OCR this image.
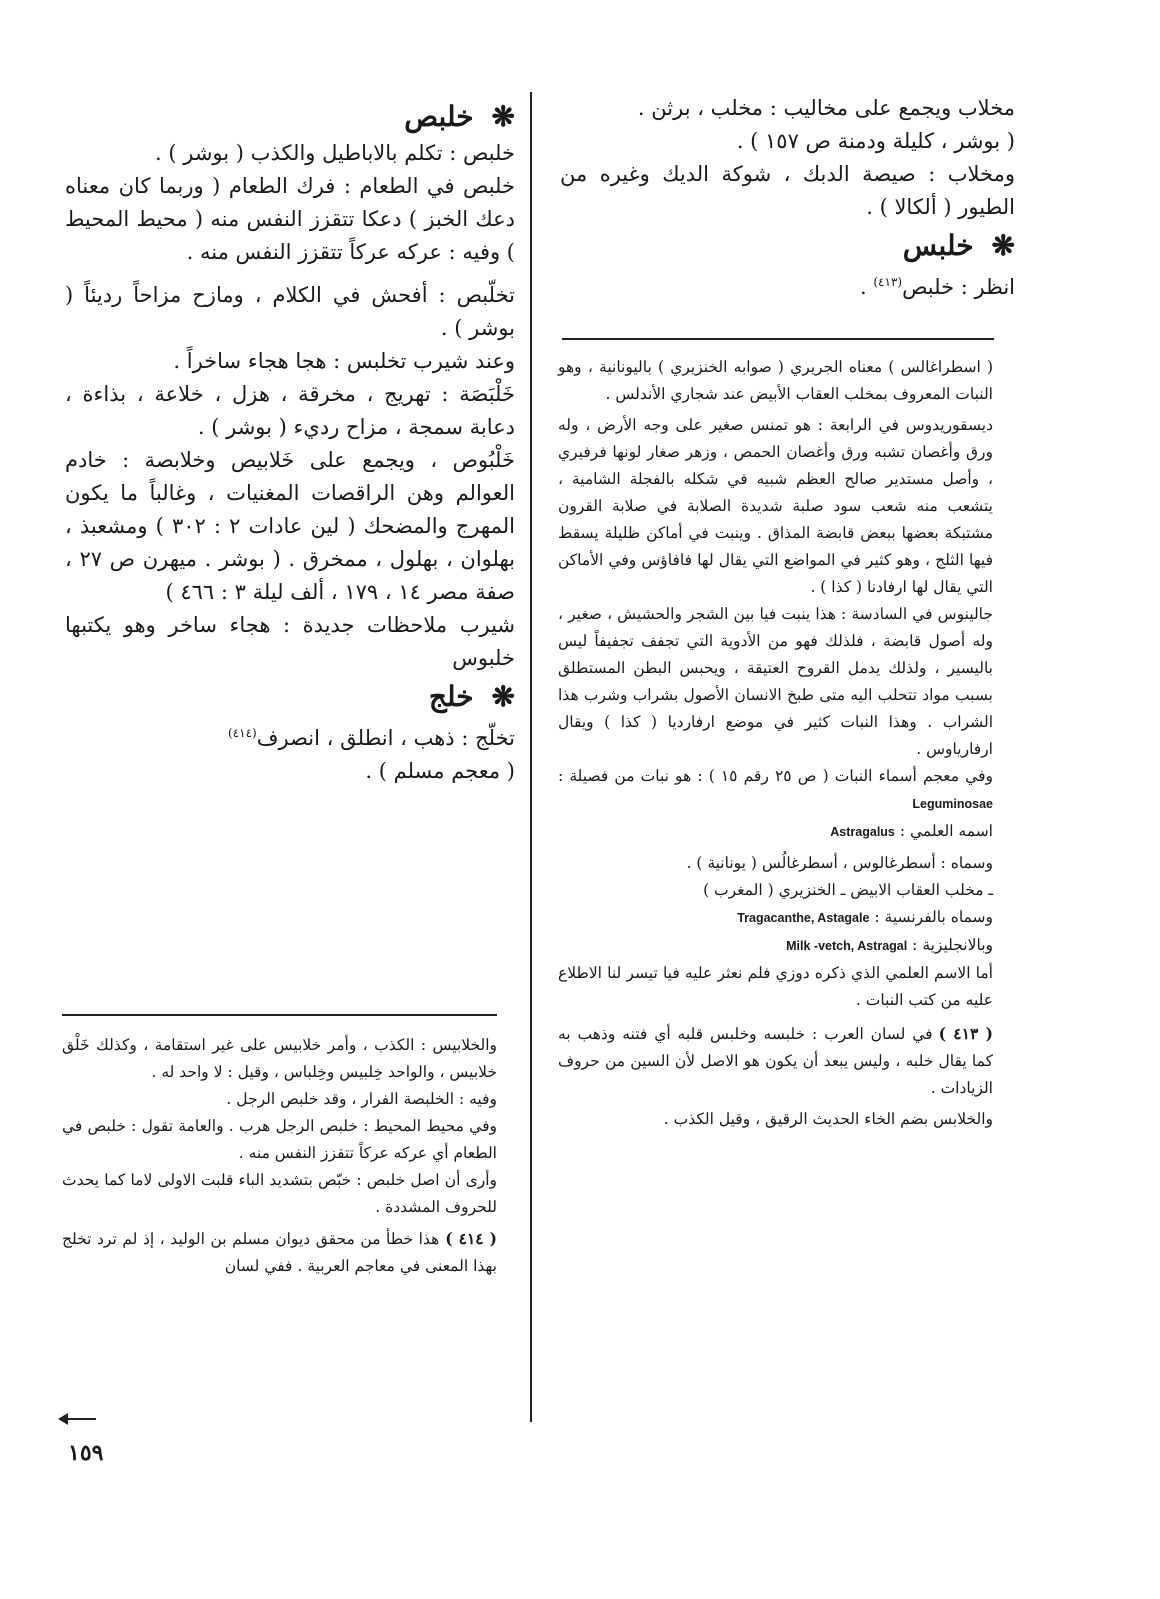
مخلاب ويجمع على مخاليب : مخلب ، برثن .

( بوشر ، كليلة ودمنة ص ١٥٧ ) .

ومخلاب : صيصة الدبك ، شوكة الديك وغيره من الطيور ( ألكالا ) .

❋خلبس

انظر : خلبص$^{(٤١٣)}$ .

( اسطراغالس ) معناه الجريري ( صوابه الخنزيري ) باليونانية ، وهو النبات المعروف بمخلب العقاب الأبيض عند شجاري الأندلس .

ديسقوريدوس في الرابعة : هو تمنس صغير على وجه الأرض ، وله ورق وأغصان تشبه ورق وأغصان الحمص ، وزهر صغار لونها فرفيري ، وأصل مستدير صالح العظم شبيه في شكله بالفجلة الشامية ، يتشعب منه شعب سود صلبة شديدة الصلابة في صلابة القرون مشتبكة بعضها ببعض قابضة المذاق . وينبت في أماكن ظليلة يسقط فيها الثلج ، وهو كثير في المواضع التي يقال لها فافاؤس وفي الأماكن التي يقال لها ارفادنا ( كذا ) .

جالينوس في السادسة : هذا ينبت فيا بين الشجر والحشيش ، صغير ، وله أصول قابضة ، فلذلك فهو من الأدوية التي تجفف تجفيفاً ليس باليسير ، ولذلك يدمل القروح العتيقة ، ويحبس البطن المستطلق بسبب مواد تتحلب اليه متى طبخ الانسان الأصول بشراب وشرب هذا الشراب . وهذا النبات كثير في موضع ارفارديا ( كذا ) ويقال ارفارياوس .

وفي معجم أسماء النبات ( ص ٢٥ رقم ١٥ ) : هو نبات من فصيلة : Leguminosae

اسمه العلمي : Astragalus

وسماه : أسطرغالوس ، أسطرغالُس ( يونانية ) .

ـ مخلب العقاب الابيض ـ الخنزيري ( المغرب )

وسماه بالفرنسية : Tragacanthe, Astagale

وبالانجليزية : Milk -vetch, Astragal

أما الاسم العلمي الذي ذكره دوزي فلم نعثر عليه فيا تيسر لنا الاطلاع عليه من كتب النبات .

( ٤١٣ )في لسان العرب : خلبسه وخلبس قلبه أي فتنه وذهب به كما يقال خلبه ، وليس يبعد أن يكون هو الاصل لأن السين من حروف الزيادات .

والخلابس بضم الخاء الحديث الرقيق ، وقيل الكذب .

❋خلبص

خلبص : تكلم بالاباطيل والكذب ( بوشر ) .

خلبص في الطعام : فرك الطعام ( وربما كان معناه دعك الخبز ) دعكا تتقزز النفس منه ( محيط المحيط ) وفيه : عركه عركاً تتقزز النفس منه .

تخلّبص : أفحش في الكلام ، ومازح مزاحاً رديئاً ( بوشر ) .

وعند شيرب تخلبس : هجا هجاء ساخراً .

خَلْبَصَة : تهريج ، مخرقة ، هزل ، خلاعة ، بذاءة ، دعابة سمجة ، مزاح رديء ( بوشر ) .

خَلْبُوص ، ويجمع على خَلابيص وخلابصة : خادم العوالم وهن الراقصات المغنيات ، وغالباً ما يكون المهرج والمضحك ( لين عادات ٢ : ٣٠٢ ) ومشعبذ ، بهلوان ، بهلول ، ممخرق . ( بوشر . ميهرن ص ٢٧ ، صفة مصر ١٤ ، ١٧٩ ، ألف ليلة ٣ : ٤٦٦ )

شيرب ملاحظات جديدة : هجاء ساخر وهو يكتبها خلبوس

❋خلج

تخلّج : ذهب ، انطلق ، انصرف$^{(٤١٤)}$

( معجم مسلم ) .

والخلابيس : الكذب ، وأمر خلابيس على غير استقامة ، وكذلك خَلْق خلابيس ، والواحد خِلبيس وخِلباس ، وقيل : لا واحد له .

وفيه : الخلبصة الفرار ، وقد خلبص الرجل .

وفي محيط المحيط : خلبص الرجل هرب . والعامة تقول : خلبص في الطعام أي عركه عركاً تتقزز النفس منه .

وأرى أن اصل خلبص : خبّص بتشديد الباء قلبت الاولى لاما كما يحدث للحروف المشددة .

( ٤١٤ )هذا خطأ من محقق ديوان مسلم بن الوليد ، إذ لم ترد تخلج بهذا المعنى في معاجم العربية . ففي لسان

١٥٩
